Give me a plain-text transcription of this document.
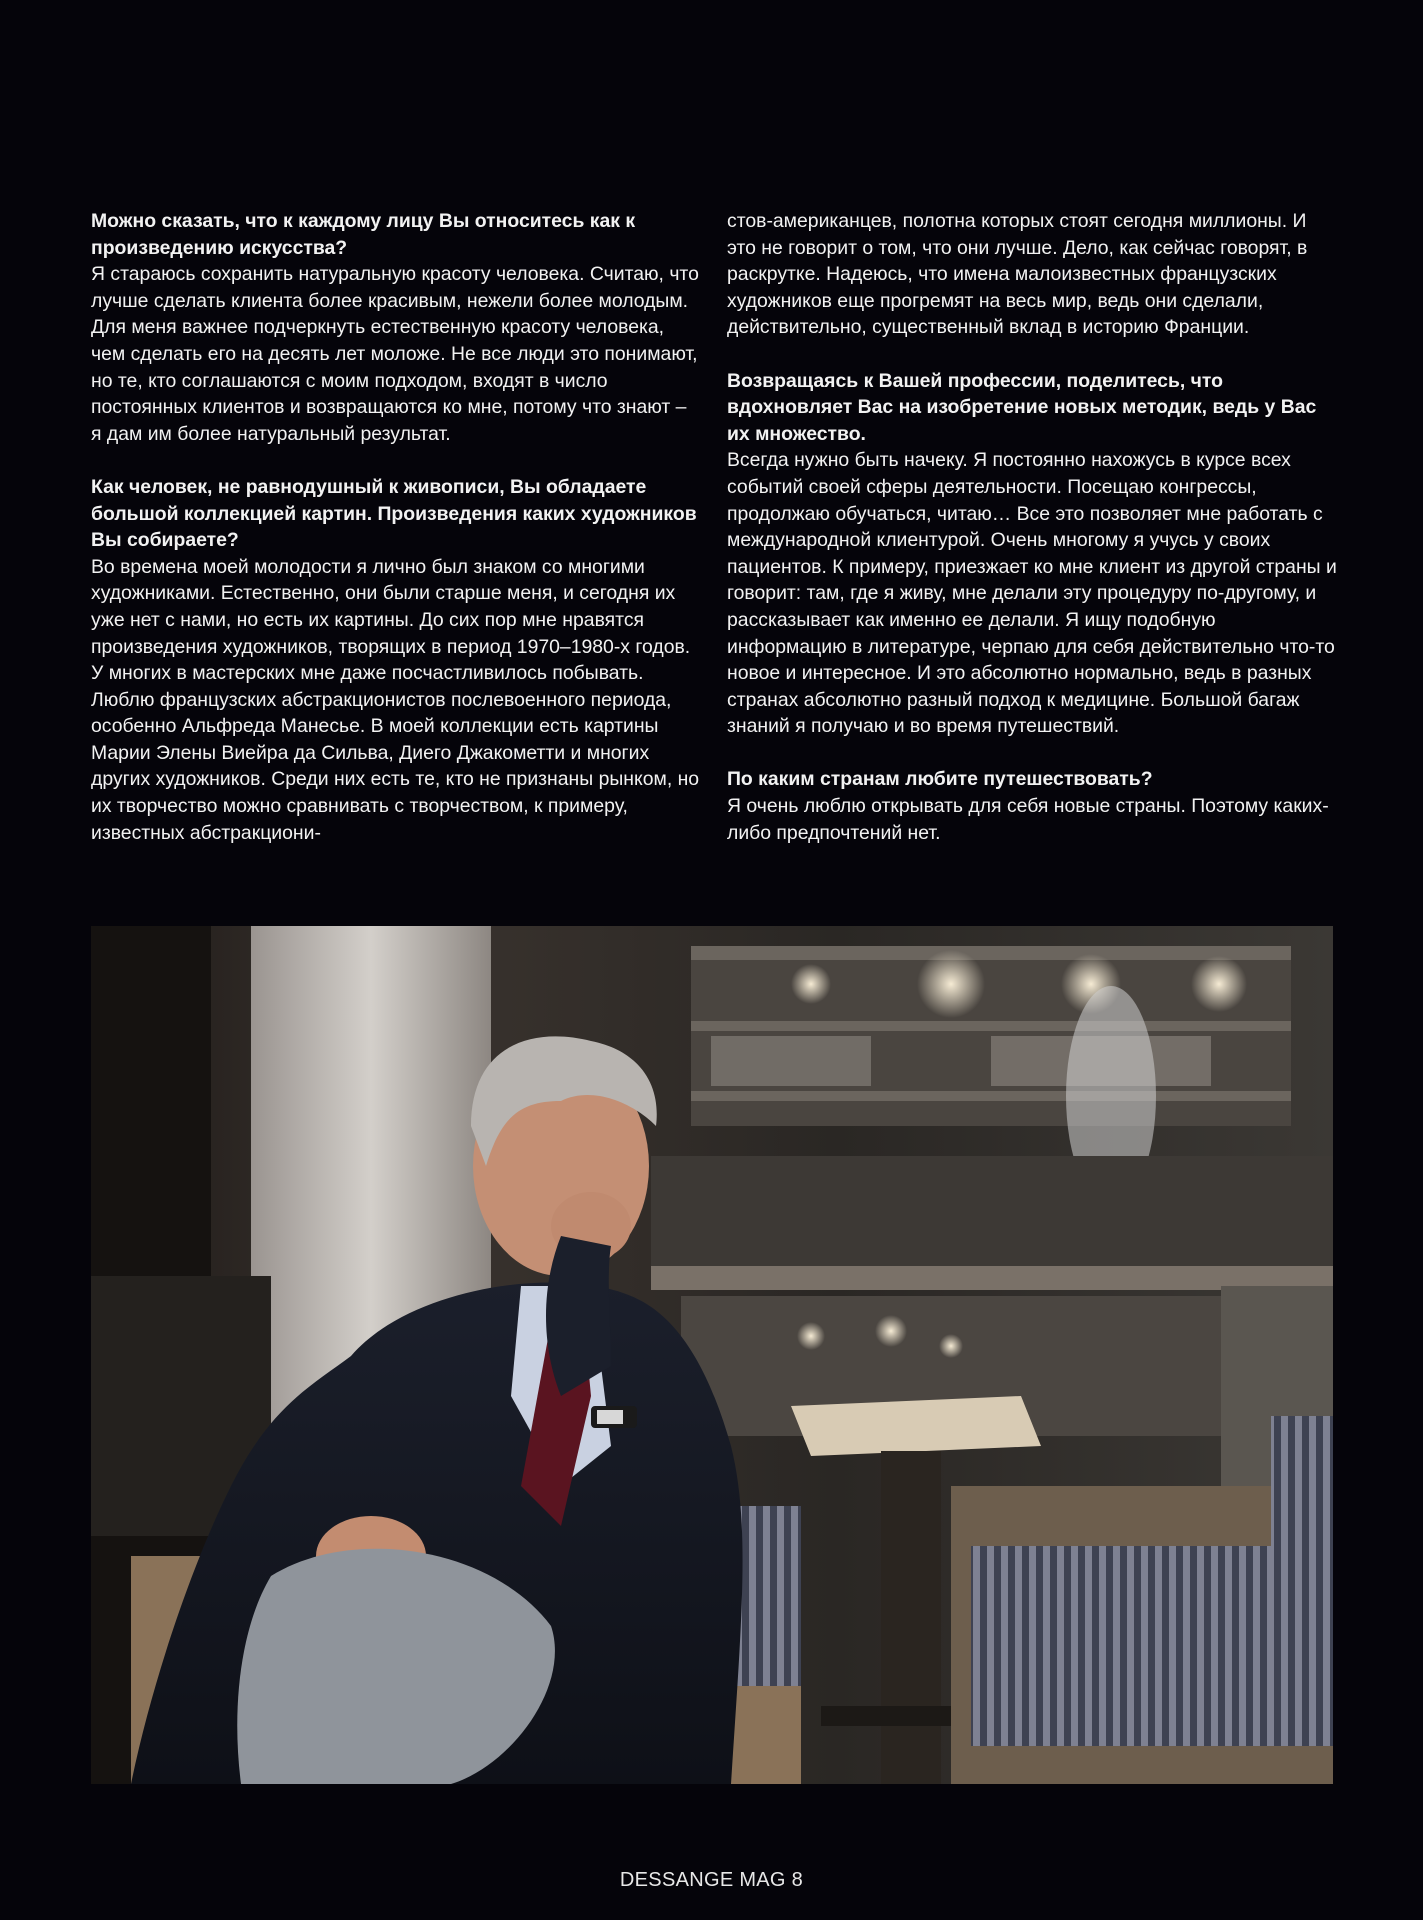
Можно сказать, что к каждому лицу Вы относитесь как к произведению искусства?

Я стараюсь сохранить натуральную красоту человека. Считаю, что лучше сделать клиента более красивым, нежели более молодым. Для меня важнее подчеркнуть естественную красоту человека, чем сделать его на десять лет моложе. Не все люди это понимают, но те, кто соглашаются с моим подходом, входят в число постоянных клиентов и возвращаются ко мне, потому что знают – я дам им более натуральный результат.

Как человек, не равнодушный к живописи, Вы обладаете большой коллекцией картин. Произведения каких художников Вы собираете?

Во времена моей молодости я лично был знаком со многими художниками. Естественно, они были старше меня, и сегодня их уже нет с нами, но есть их картины. До сих пор мне нравятся произведения художников, творящих в период 1970–1980-х годов. У многих в мастерских мне даже посчастливилось побывать. Люблю французских абстракционистов послевоенного периода, особенно Альфреда Манесье. В моей коллекции есть картины Марии Элены Виейра да Сильва, Диего Джакометти и многих других художников. Среди них есть те, кто не признаны рынком, но их творчество можно сравнивать с творчеством, к примеру, известных абстракциони-

стов-американцев, полотна которых стоят сегодня миллионы. И это не говорит о том, что они лучше. Дело, как сейчас говорят, в раскрутке. Надеюсь, что имена малоизвестных французских художников еще прогремят на весь мир, ведь они сделали, действительно, существенный вклад в историю Франции.

Возвращаясь к Вашей профессии, поделитесь, что вдохновляет Вас на изобретение новых методик, ведь у Вас их множество.

Всегда нужно быть начеку. Я постоянно нахожусь в курсе всех событий своей сферы деятельности. Посещаю конгрессы, продолжаю обучаться, читаю… Все это позволяет мне работать с международной клиентурой. Очень многому я учусь у своих пациентов. К примеру, приезжает ко мне клиент из другой страны и говорит: там, где я живу, мне делали эту процедуру по-другому, и рассказывает как именно ее делали. Я ищу подобную информацию в литературе, черпаю для себя действительно что-то новое и интересное. И это абсолютно нормально, ведь в разных странах абсолютно разный подход к медицине. Большой багаж знаний я получаю и во время путешествий.

По каким странам любите путешествовать?

Я очень люблю открывать для себя новые страны. Поэтому каких-либо предпочтений нет.

DESSANGE MAG 8
